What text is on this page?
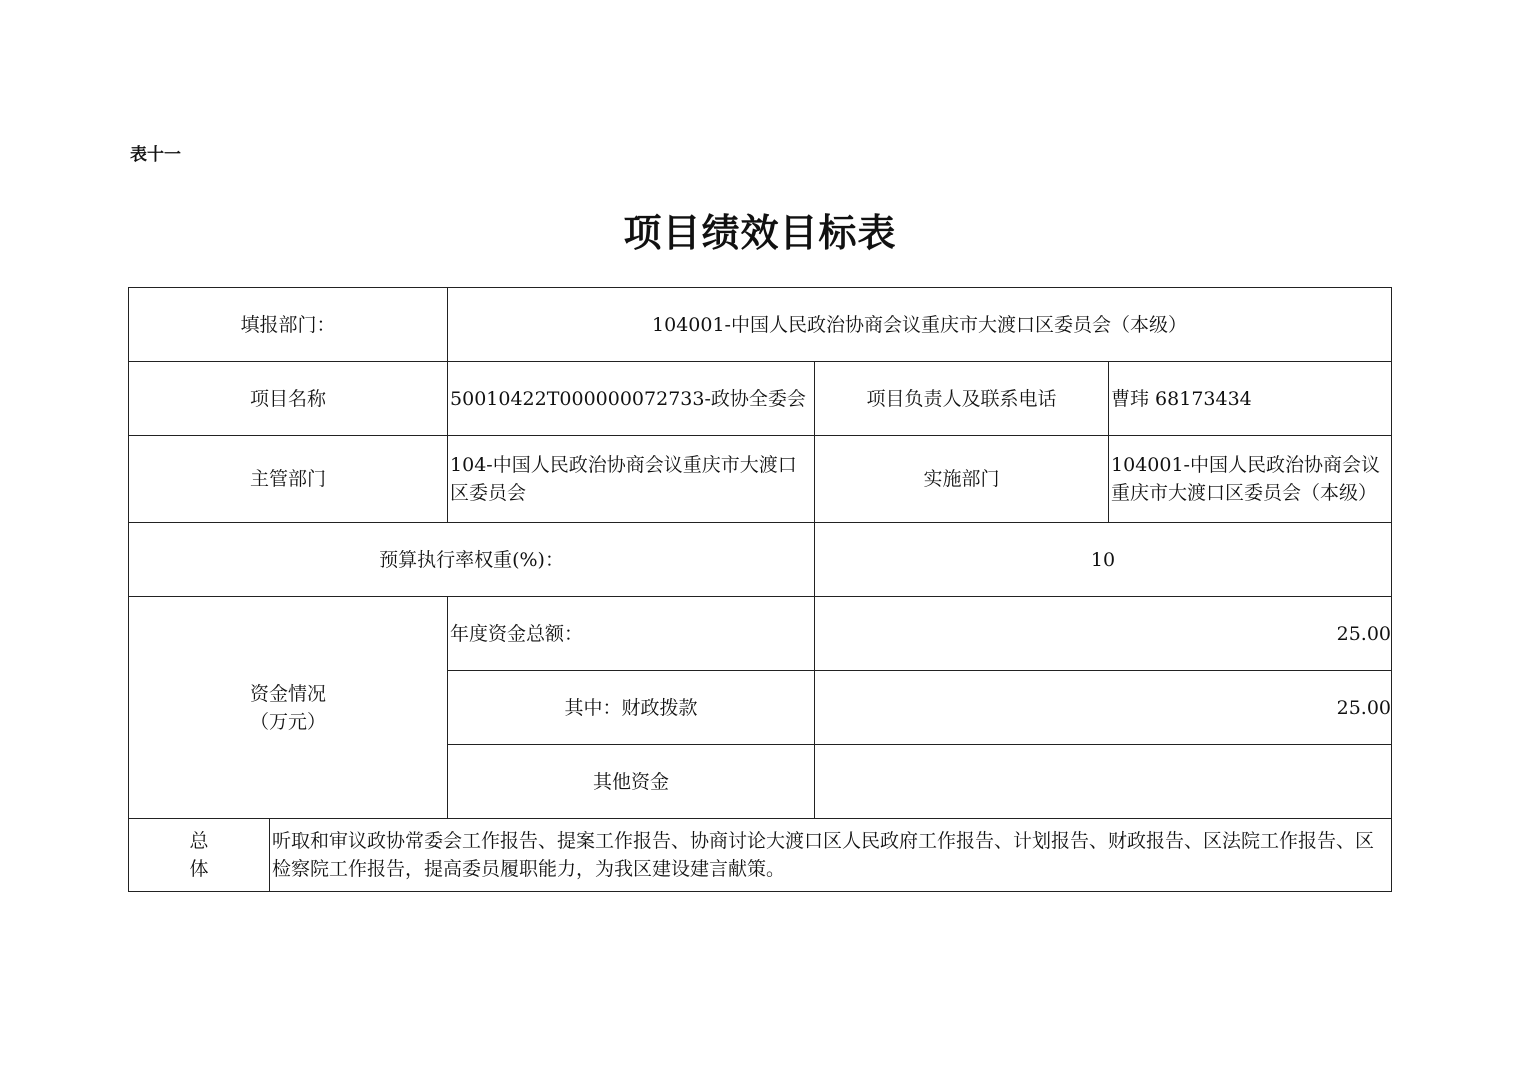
表十一
项目绩效目标表
填报部门：		104001-中国人民政治协商会议重庆市大渡口区委员会（本级）		
项目名称		50010422T000000072733-政协全委会	项目负责人及联系电话	曹玮 68173434
主管部门		104-中国人民政治协商会议重庆市大渡口区委员会	实施部门	104001-中国人民政治协商会议重庆市大渡口区委员会（本级）
预算执行率权重(%)：			10	

资金情况
（万元）		年度资金总额：	25.00	
		其中：财政拨款	25.00	
		其他资金		

总
体	听取和审议政协常委会工作报告、提案工作报告、协商讨论大渡口区人民政府工作报告、计划报告、财政报告、区法院工作报告、区检察院工作报告，提高委员履职能力，为我区建设建言献策。			
